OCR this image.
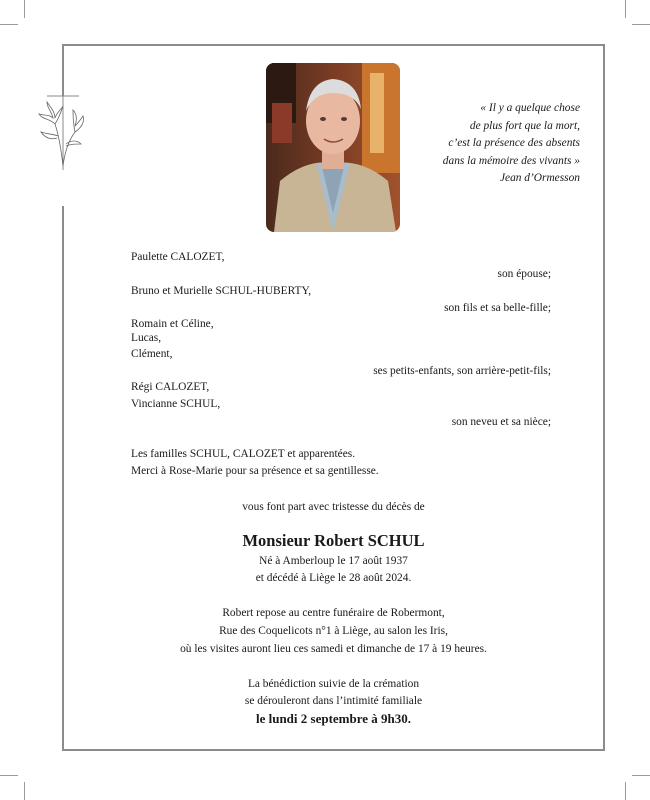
« Il y a quelque chose
de plus fort que la mort,
c’est la présence des absents
dans la mémoire des vivants »
Jean d’Ormesson
Paulette CALOZET,
son épouse;
Bruno et Murielle SCHUL-HUBERTY,
son fils et sa belle-fille;
Romain et Céline,
Lucas,
Clément,
ses petits-enfants, son arrière-petit-fils;
Régi CALOZET,
Vincianne SCHUL,
son neveu et sa nièce;
Les familles SCHUL, CALOZET et apparentées.
Merci à Rose-Marie pour sa présence et sa gentillesse.
vous font part avec tristesse du décès de
Monsieur Robert SCHUL
Né à Amberloup le 17 août 1937
et décédé à Liège le 28 août 2024.
Robert repose au centre funéraire de Robermont,
Rue des Coquelicots n°1 à Liège, au salon les Iris,
où les visites auront lieu ces samedi et dimanche de 17 à 19 heures.
La bénédiction suivie de la crémation
se dérouleront dans l’intimité familiale
le lundi 2 septembre à 9h30.
